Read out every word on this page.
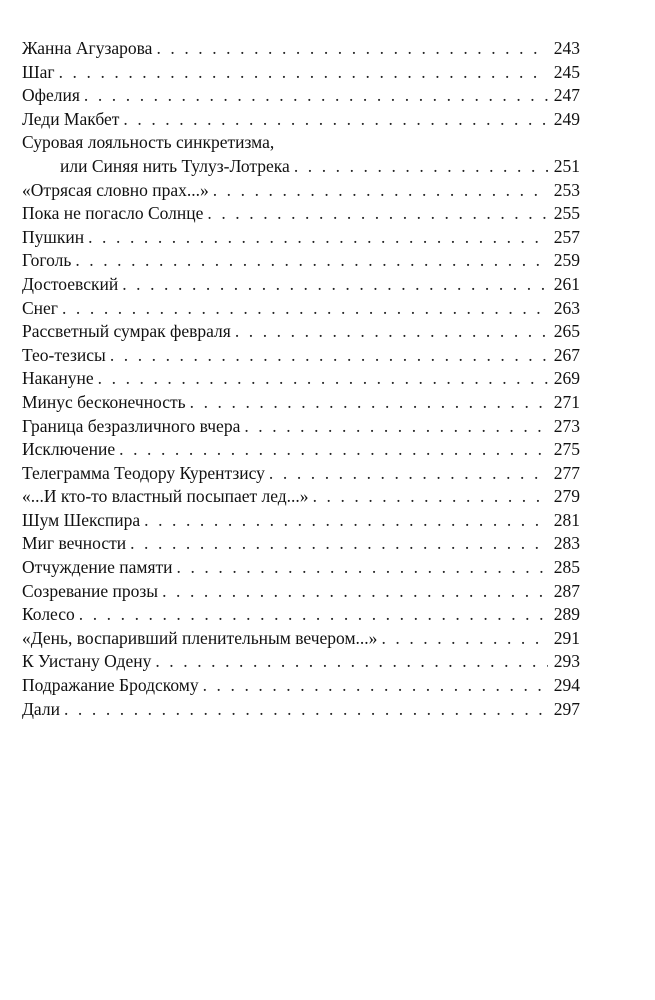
Жанна Агузарова . . .	243
Шаг . . .	245
Офелия . . .	247
Леди Макбет . . .	249
Суровая лояльность синкретизма,
или Синяя нить Тулуз-Лотрека . . .	251
«Отрясая словно прах...» . . .	253
Пока не погасло Солнце . . .	255
Пушкин . . .	257
Гоголь . . .	259
Достоевский . . .	261
Снег . . .	263
Рассветный сумрак февраля . . .	265
Тео-тезисы . . .	267
Накануне . . .	269
Минус бесконечность . . .	271
Граница безразличного вчера . . .	273
Исключение . . .	275
Телеграмма Теодору Курентзису . . .	277
«...И кто-то властный посыпает лед...» . . .	279
Шум Шекспира . . .	281
Миг вечности . . .	283
Отчуждение памяти . . .	285
Созревание прозы . . .	287
Колесо . . .	289
«День, воспаривший пленительным вечером...» . . .	291
К Уистану Одену . . .	293
Подражание Бродскому . . .	294
Дали . . .	297
